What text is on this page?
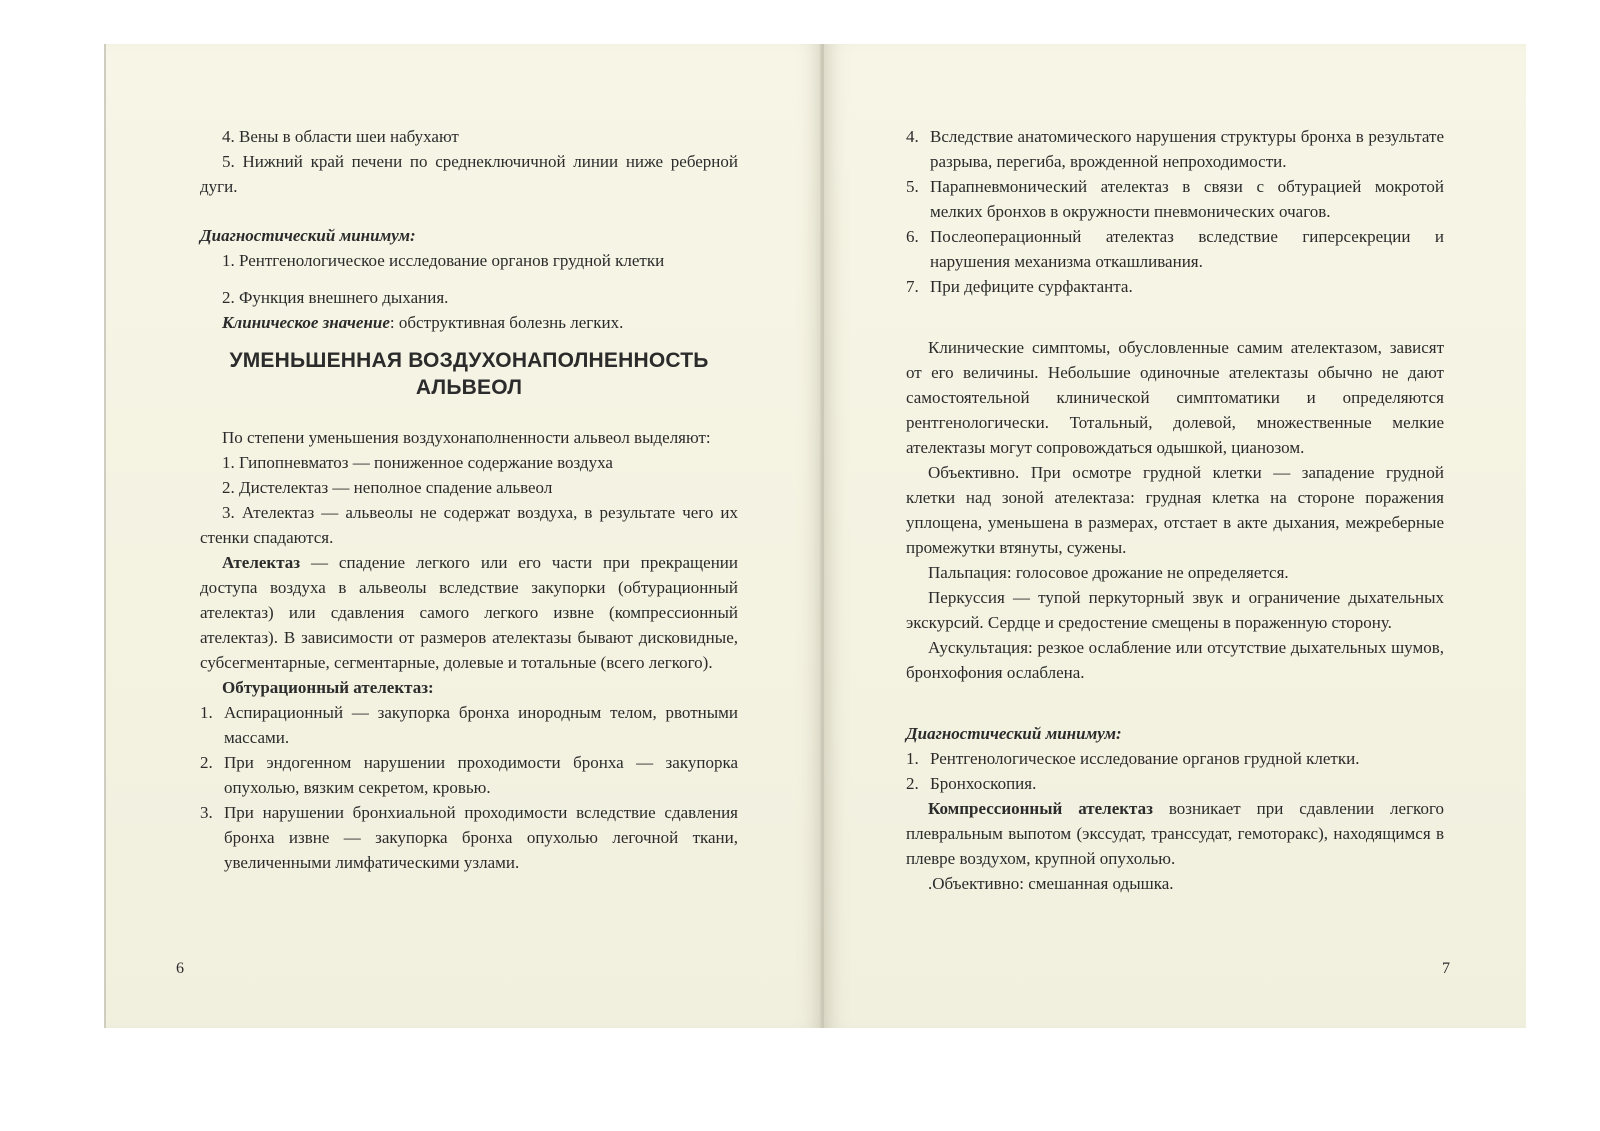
4. Вены в области шеи набухают

5. Нижний край печени по среднеключичной линии ниже реберной дуги.

Диагностический минимум:

1. Рентгенологическое исследование органов грудной клетки

2. Функция внешнего дыхания.

Клиническое значение: обструктивная болезнь легких.

УМЕНЬШЕННАЯ ВОЗДУХОНАПОЛНЕННОСТЬ
АЛЬВЕОЛ

По степени уменьшения воздухонаполненности альвеол выделяют:

1. Гипопневматоз — пониженное содержание воздуха

2. Дистелектаз — неполное спадение альвеол

3. Ателектаз — альвеолы не содержат воздуха, в результате чего их стенки спадаются.

Ателектаз — спадение легкого или его части при прекращении доступа воздуха в альвеолы вследствие закупорки (обтурационный ателектаз) или сдавления самого легкого извне (компрессионный ателектаз). В зависимости от размеров ателектазы бывают дисковидные, субсегментарные, сегментарные, долевые и тотальные (всего легкого).

Обтурационный ателектаз:

1. Аспирационный — закупорка бронха инородным телом, рвотными массами.
2. При эндогенном нарушении проходимости бронха — закупорка опухолью, вязким секретом, кровью.
3. При нарушении бронхиальной проходимости вследствие сдавления бронха извне — закупорка бронха опухолью легочной ткани, увеличенными лимфатическими узлами.
6
4. Вследствие анатомического нарушения структуры бронха в результате разрыва, перегиба, врожденной непроходимости.
5. Парапневмонический ателектаз в связи с обтурацией мокротой мелких бронхов в окружности пневмонических очагов.
6. Послеоперационный ателектаз вследствие гиперсекреции и нарушения механизма откашливания.
7. При дефиците сурфактанта.

Клинические симптомы, обусловленные самим ателектазом, зависят от его величины. Небольшие одиночные ателектазы обычно не дают самостоятельной клинической симптоматики и определяются рентгенологически. Тотальный, долевой, множественные мелкие ателектазы могут сопровождаться одышкой, цианозом.

Объективно. При осмотре грудной клетки — западение грудной клетки над зоной ателектаза: грудная клетка на стороне поражения уплощена, уменьшена в размерах, отстает в акте дыхания, межреберные промежутки втянуты, сужены.

Пальпация: голосовое дрожание не определяется.

Перкуссия — тупой перкуторный звук и ограничение дыхательных экскурсий. Сердце и средостение смещены в пораженную сторону.

Аускультация: резкое ослабление или отсутствие дыхательных шумов, бронхофония ослаблена.

Диагностический минимум:

1. Рентгенологическое исследование органов грудной клетки.
2. Бронхоскопия.

Компрессионный ателектаз возникает при сдавлении легкого плевральным выпотом (экссудат, транссудат, гемоторакс), находящимся в плевре воздухом, крупной опухолью.

.Объективно: смешанная одышка.

7
